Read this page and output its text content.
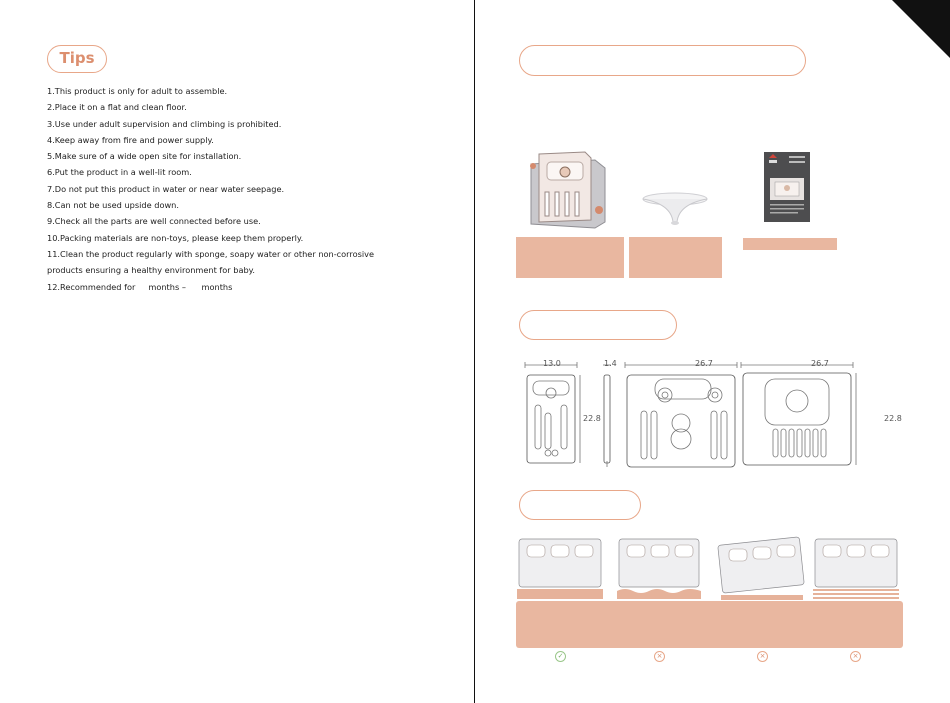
Tips
1.This product is only for adult to assemble.
2.Place it on a flat and clean floor.
3.Use under adult supervision and climbing is prohibited.
4.Keep away from fire and power supply.
5.Make sure of a wide open site for installation.
6.Put the product in a well-lit room.
7.Do not put this product in water or near water seepage.
8.Can not be used upside down.
9.Check all the parts are well connected before use.
10.Packing materials are non-toys, please keep them properly.
11.Clean the product regularly with sponge, soapy water or other non-corrosive products ensuring a healthy environment for baby.
12.Recommended for     months –      months
13.0	1.4	26.7	26.7
22.8	22.8
✓	×	×	×
